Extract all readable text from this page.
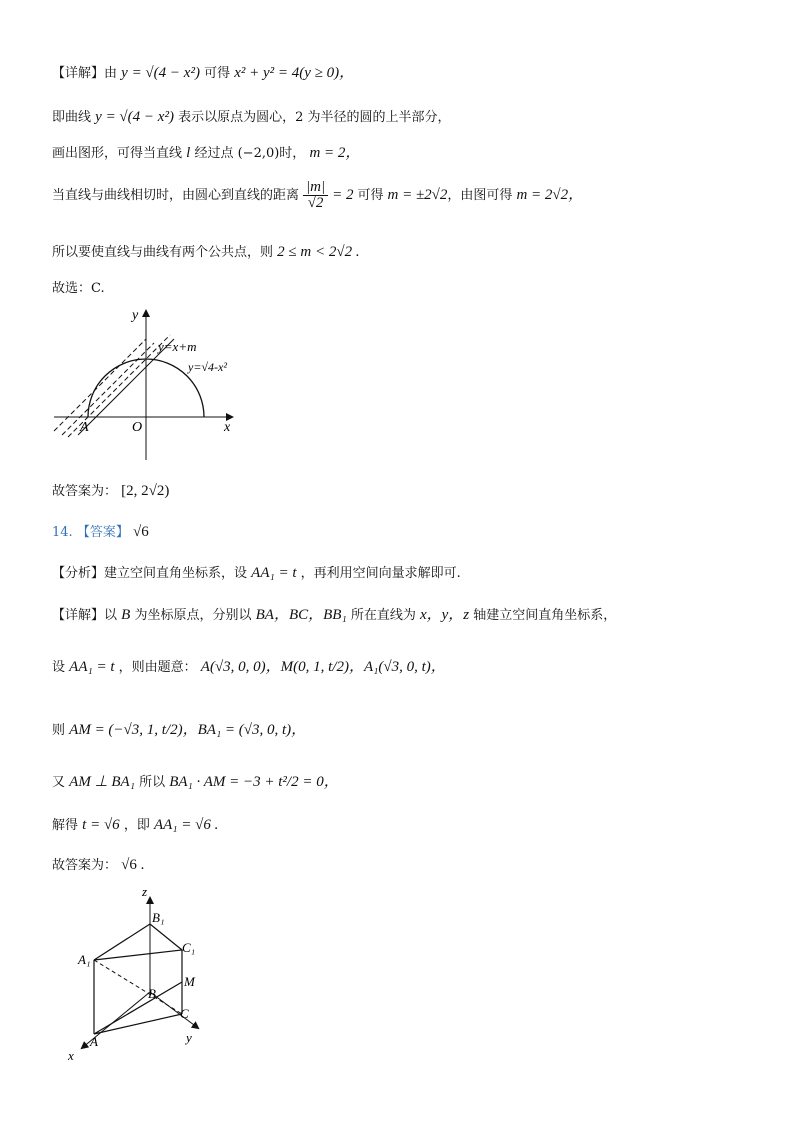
【详解】由 y = √(4 − x²) 可得 x² + y² = 4(y ≥ 0)，
即曲线 y = √(4 − x²) 表示以原点为圆心，2 为半径的圆的上半部分，
画出图形，可得当直线 l 经过点 (−2,0)时， m = 2，
当直线与曲线相切时，由圆心到直线的距离 $\frac{|m|}{√2} = 2$ 可得 m = ±2√2 ，由图可得 m = 2√2，
所以要使直线与曲线有两个公共点，则 2 ≤ m < 2√2 .
故选：C.
y
x
O
A
y=x+m
y=√4-x²
故答案为： [2, 2√2)
14. 【答案】 √6
【分析】建立空间直角坐标系，设 AA₁ = t ，再利用空间向量求解即可.
【详解】以 B 为坐标原点，分别以 BA，BC，BB₁ 所在直线为 x，y，z 轴建立空间直角坐标系，
设 AA₁ = t ，则由题意： A(√3, 0, 0)，M(0, 1, t/2)，A₁(√3, 0, t)，
则 AM = (−√3, 1, t/2)，BA₁ = (√3, 0, t)，
又 AM ⊥ BA₁ 所以 BA₁ · AM = −3 + t²/2 = 0，
解得 t = √6 ，即 AA₁ = √6 .
故答案为： √6 .
z
x
y
B₁
C₁
A₁
M
B
C
A
